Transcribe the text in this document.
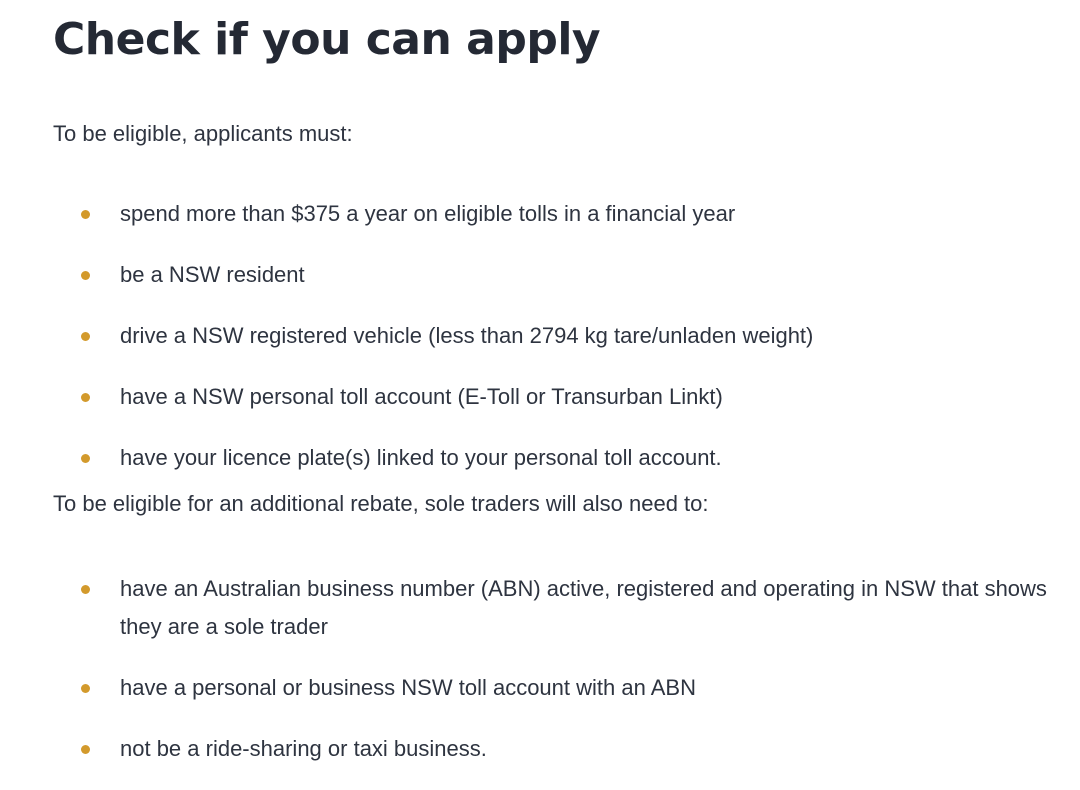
Check if you can apply

To be eligible, applicants must:

spend more than $375 a year on eligible tolls in a financial year
be a NSW resident
drive a NSW registered vehicle (less than 2794 kg tare/unladen weight)
have a NSW personal toll account (E-Toll or Transurban Linkt)
have your licence plate(s) linked to your personal toll account.

To be eligible for an additional rebate, sole traders will also need to:

have an Australian business number (ABN) active, registered and operating in NSW that shows they are a sole trader
have a personal or business NSW toll account with an ABN
not be a ride-sharing or taxi business.
